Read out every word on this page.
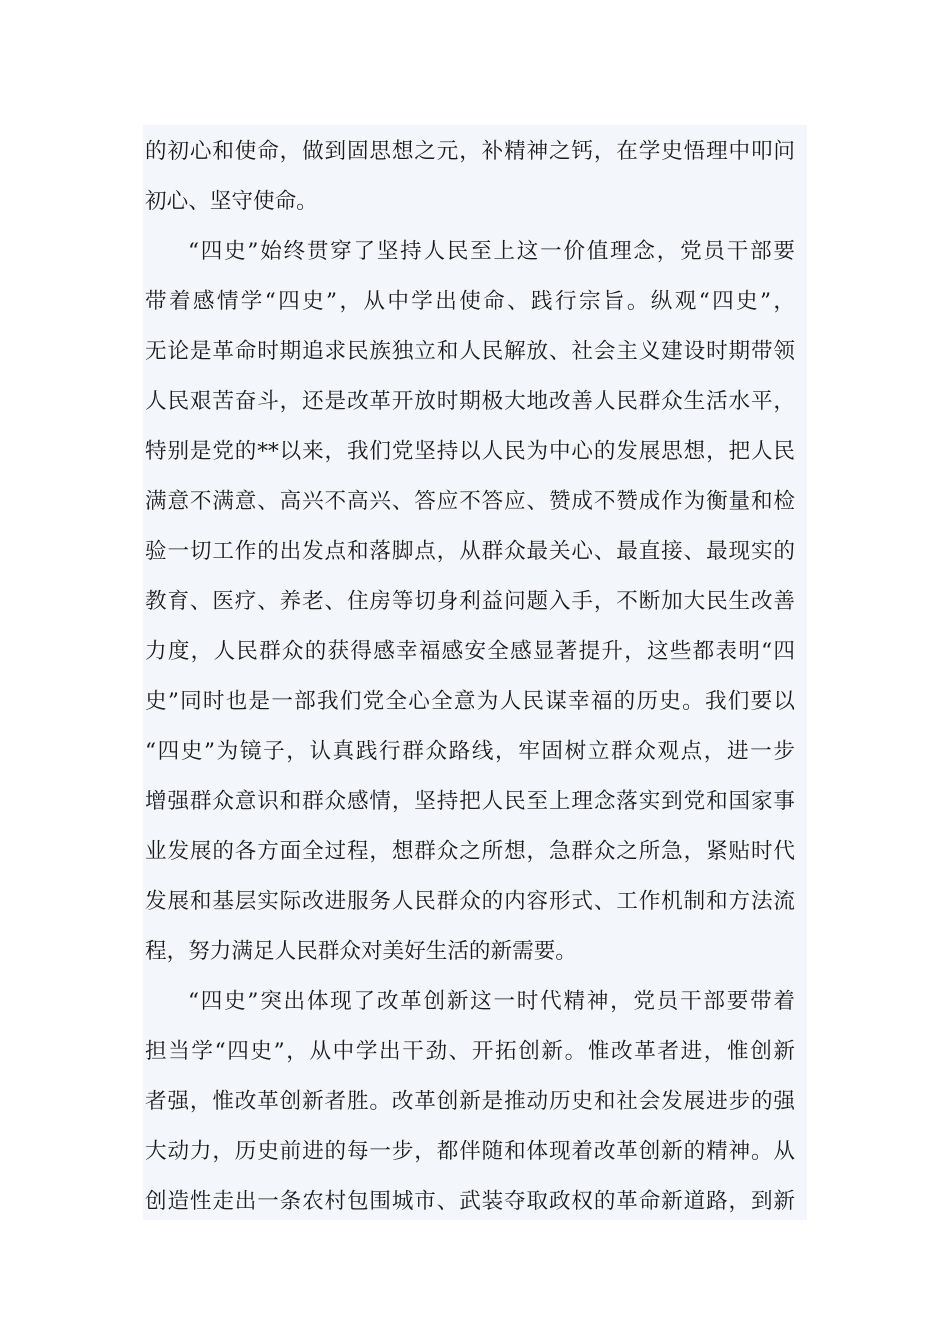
的初心和使命，做到固思想之元，补精神之钙，在学史悟理中叩问
初心、坚守使命。
“四史”始终贯穿了坚持人民至上这一价值理念，党员干部要
带着感情学“四史”，从中学出使命、践行宗旨。纵观“四史”，
无论是革命时期追求民族独立和人民解放、社会主义建设时期带领
人民艰苦奋斗，还是改革开放时期极大地改善人民群众生活水平，
特别是党的**以来，我们党坚持以人民为中心的发展思想，把人民
满意不满意、高兴不高兴、答应不答应、赞成不赞成作为衡量和检
验一切工作的出发点和落脚点，从群众最关心、最直接、最现实的
教育、医疗、养老、住房等切身利益问题入手，不断加大民生改善
力度，人民群众的获得感幸福感安全感显著提升，这些都表明“四
史”同时也是一部我们党全心全意为人民谋幸福的历史。我们要以
“四史”为镜子，认真践行群众路线，牢固树立群众观点，进一步
增强群众意识和群众感情，坚持把人民至上理念落实到党和国家事
业发展的各方面全过程，想群众之所想，急群众之所急，紧贴时代
发展和基层实际改进服务人民群众的内容形式、工作机制和方法流
程，努力满足人民群众对美好生活的新需要。
“四史”突出体现了改革创新这一时代精神，党员干部要带着
担当学“四史”，从中学出干劲、开拓创新。惟改革者进，惟创新
者强，惟改革创新者胜。改革创新是推动历史和社会发展进步的强
大动力，历史前进的每一步，都伴随和体现着改革创新的精神。从
创造性走出一条农村包围城市、武装夺取政权的革命新道路，到新
